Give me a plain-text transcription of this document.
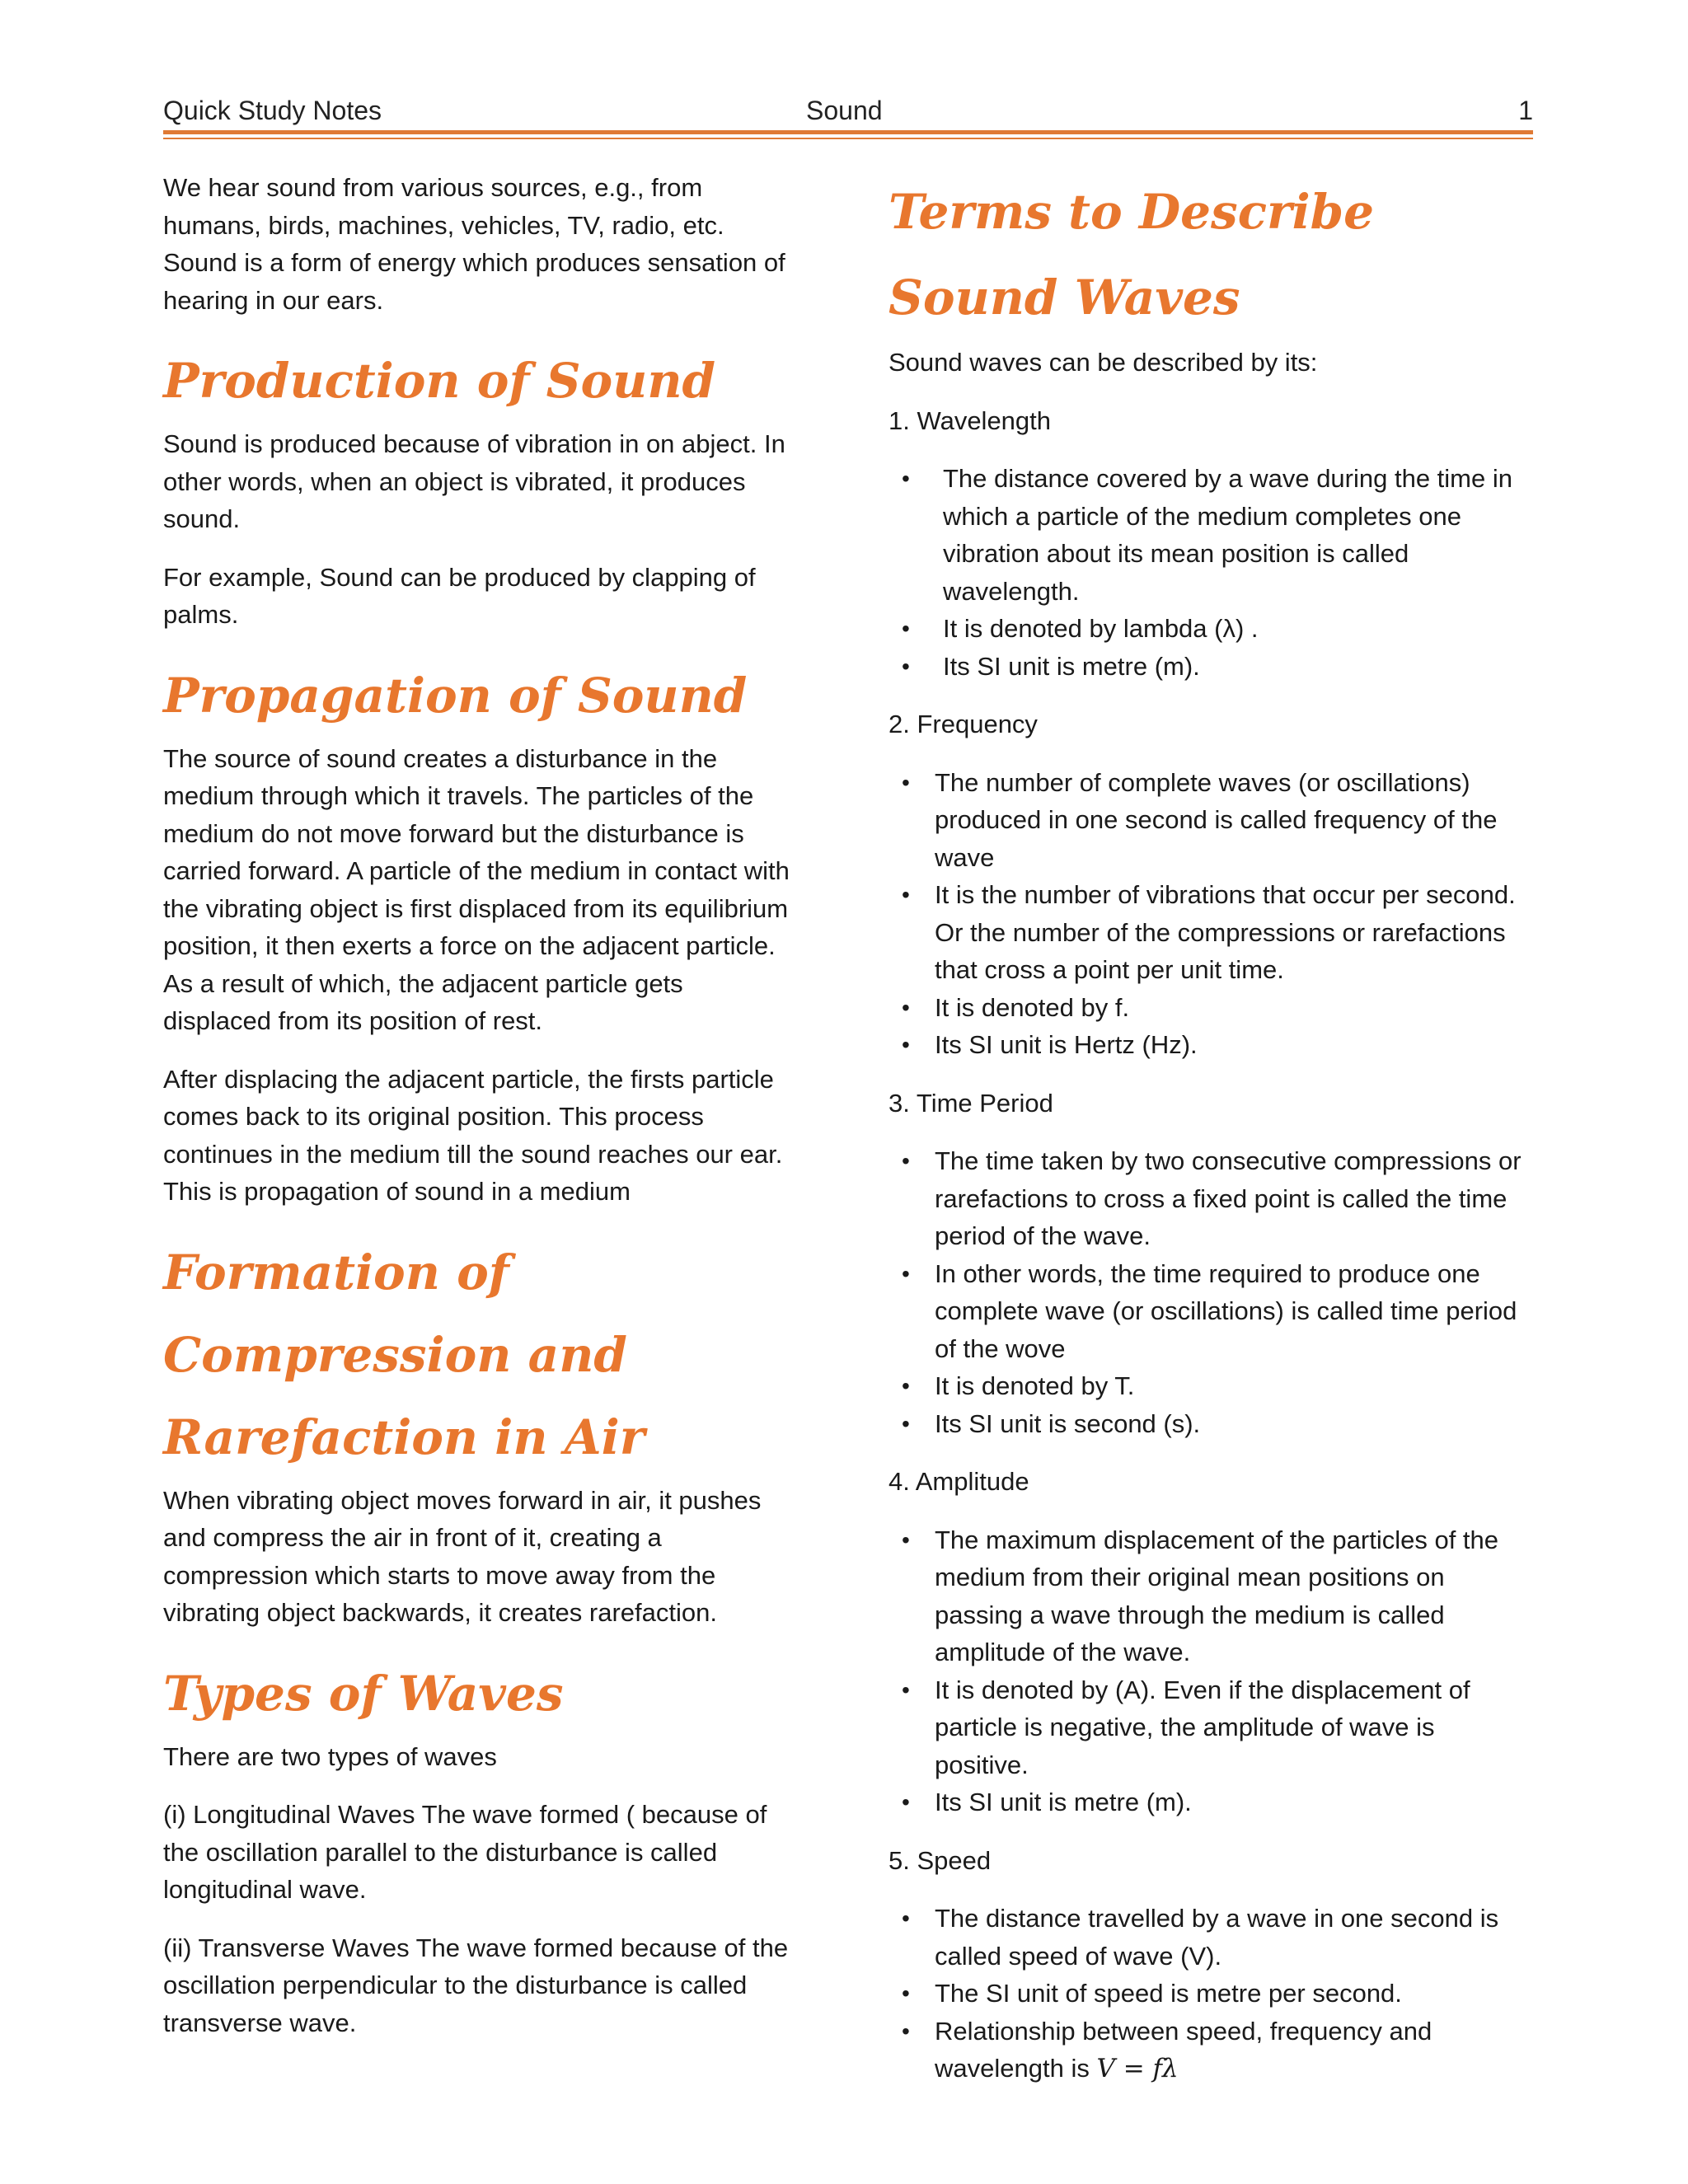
Quick Study Notes	Sound	1

We hear sound from various sources, e.g., from humans, birds, machines, vehicles, TV, radio, etc. Sound is a form of energy which produces sensation of hearing in our ears.

Production of Sound

Sound is produced because of vibration in on abject. In other words, when an object is vibrated, it produces sound.

For example, Sound can be produced by clapping of palms.

Propagation of Sound

The source of sound creates a disturbance in the medium through which it travels. The particles of the medium do not move forward but the disturbance is carried forward. A particle of the medium in contact with the vibrating object is first displaced from its equilibrium position, it then exerts a force on the adjacent particle. As a result of which, the adjacent particle gets displaced from its position of rest.

After displacing the adjacent particle, the firsts particle comes back to its original position. This process continues in the medium till the sound reaches our ear. This is propagation of sound in a medium

Formation of Compression and Rarefaction in Air

When vibrating object moves forward in air, it pushes and compress the air in front of it, creating a compression which starts to move away from the vibrating object backwards, it creates rarefaction.

Types of Waves

There are two types of waves

(i) Longitudinal Waves The wave formed ( because of the oscillation parallel to the disturbance is called longitudinal wave.

(ii) Transverse Waves The wave formed because of the oscillation perpendicular to the disturbance is called transverse wave.

Terms to Describe Sound Waves

Sound waves can be described by its:

1. Wavelength

• The distance covered by a wave during the time in which a particle of the medium completes one vibration about its mean position is called wavelength.
• It is denoted by lambda (λ) .
• Its SI unit is metre (m).

2. Frequency

• The number of complete waves (or oscillations) produced in one second is called frequency of the wave
• It is the number of vibrations that occur per second. Or the number of the compressions or rarefactions that cross a point per unit time.
• It is denoted by f.
• Its SI unit is Hertz (Hz).

3. Time Period

• The time taken by two consecutive compressions or rarefactions to cross a fixed point is called the time period of the wave.
• In other words, the time required to produce one complete wave (or oscillations) is called time period of the wove
• It is denoted by T.
• Its SI unit is second (s).

4. Amplitude

• The maximum displacement of the particles of the medium from their original mean positions on passing a wave through the medium is called amplitude of the wave.
• It is denoted by (A). Even if the displacement of particle is negative, the amplitude of wave is positive.
• Its SI unit is metre (m).

5. Speed

• The distance travelled by a wave in one second is called speed of wave (V).
• The SI unit of speed is metre per second.
• Relationship between speed, frequency and wavelength is V = fλ
